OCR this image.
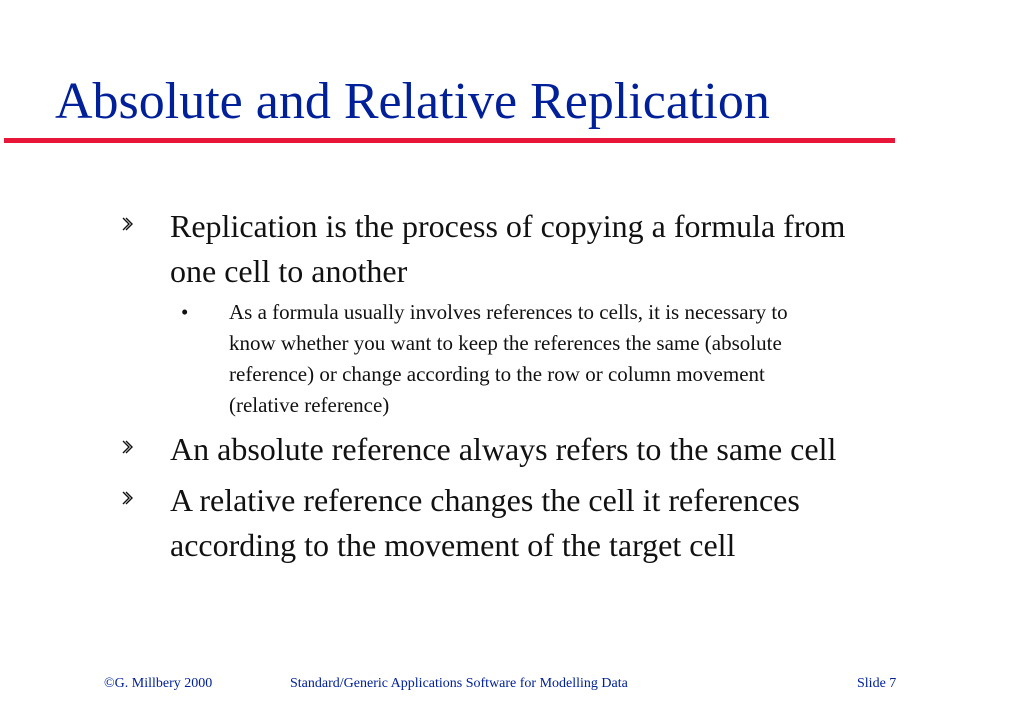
Absolute and Relative Replication
Replication is the process of copying a formula from
one cell to another
• As a formula usually involves references to cells, it is necessary to
know whether you want to keep the references the same (absolute
reference) or change according to the row or column movement
(relative reference)
An absolute reference always refers to the same cell
A relative reference changes the cell it references
according to the movement of the target cell
©G. Millbery 2000	Standard/Generic Applications Software for Modelling Data	Slide 7
